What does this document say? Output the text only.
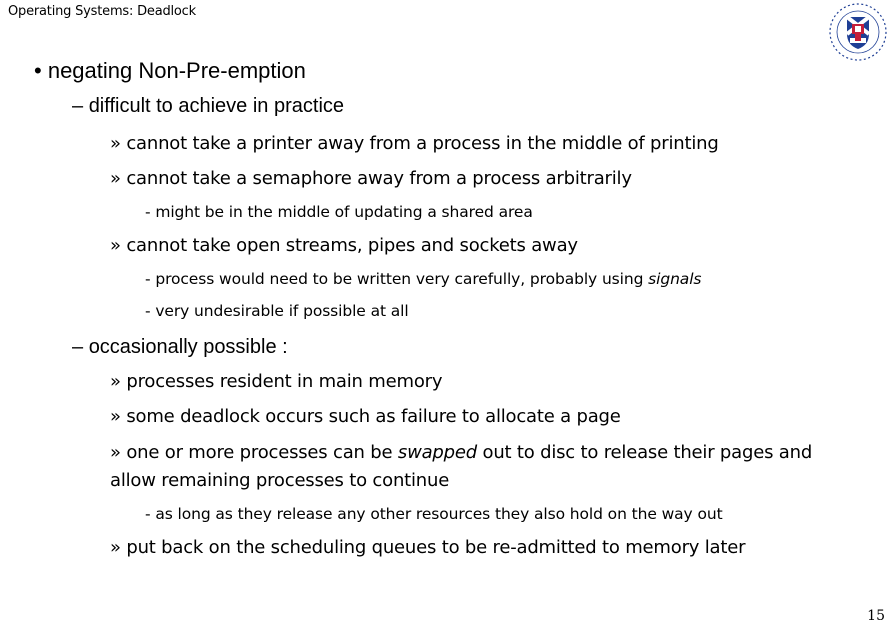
Operating Systems: Deadlock
• negating Non-Pre-emption
– difficult to achieve in practice
» cannot take a printer away from a process in the middle of printing
» cannot take a semaphore away from a process arbitrarily
- might be in the middle of updating a shared area
» cannot take open streams, pipes and sockets away
- process would need to be written very carefully, probably using signals
- very undesirable if possible at all
– occasionally possible :
» processes resident in main memory
» some deadlock occurs such as failure to allocate a page
» one or more processes can be swapped out to disc to release their pages and allow remaining processes to continue
- as long as they release any other resources they also hold on the way out
» put back on the scheduling queues to be re-admitted to memory later
15
